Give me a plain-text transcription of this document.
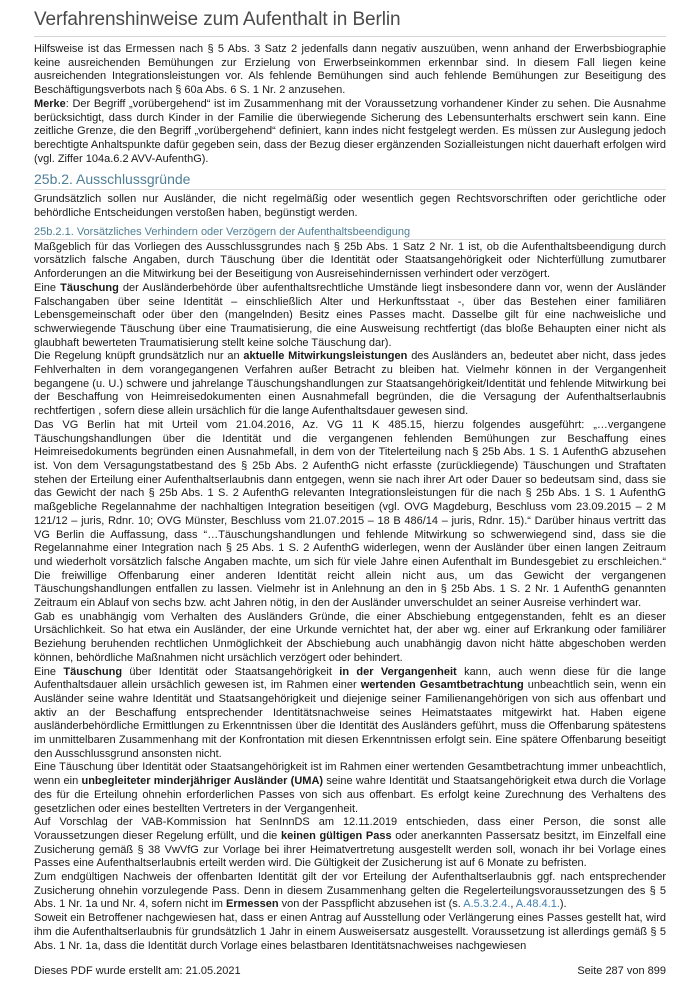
Verfahrenshinweise zum Aufenthalt in Berlin

Hilfsweise ist das Ermessen nach § 5 Abs. 3 Satz 2 jedenfalls dann negativ auszuüben, wenn anhand der Erwerbsbiographie keine ausreichenden Bemühungen zur Erzielung von Erwerbseinkommen erkennbar sind. In diesem Fall liegen keine ausreichenden Integrationsleistungen vor. Als fehlende Bemühungen sind auch fehlende Bemühungen zur Beseitigung des Beschäftigungsverbots nach § 60a Abs. 6 S. 1 Nr. 2 anzusehen.

Merke: Der Begriff „vorübergehend“ ist im Zusammenhang mit der Voraussetzung vorhandener Kinder zu sehen. Die Ausnahme berücksichtigt, dass durch Kinder in der Familie die überwiegende Sicherung des Lebensunterhalts erschwert sein kann. Eine zeitliche Grenze, die den Begriff „vorübergehend“ definiert, kann indes nicht festgelegt werden. Es müssen zur Auslegung jedoch berechtigte Anhaltspunkte dafür gegeben sein, dass der Bezug dieser ergänzenden Sozialleistungen nicht dauerhaft erfolgen wird (vgl. Ziffer 104a.6.2 AVV-AufenthG).

25b.2. Ausschlussgründe

Grundsätzlich sollen nur Ausländer, die nicht regelmäßig oder wesentlich gegen Rechtsvorschriften oder gerichtliche oder behördliche Entscheidungen verstoßen haben, begünstigt werden.

25b.2.1. Vorsätzliches Verhindern oder Verzögern der Aufenthaltsbeendigung

Maßgeblich für das Vorliegen des Ausschlussgrundes nach § 25b Abs. 1 Satz 2 Nr. 1 ist, ob die Aufenthaltsbeendigung durch vorsätzlich falsche Angaben, durch Täuschung über die Identität oder Staatsangehörigkeit oder Nichterfüllung zumutbarer Anforderungen an die Mitwirkung bei der Beseitigung von Ausreisehindernissen verhindert oder verzögert.

Eine Täuschung der Ausländerbehörde über aufenthaltsrechtliche Umstände liegt insbesondere dann vor, wenn der Ausländer Falschangaben über seine Identität – einschließlich Alter und Herkunftsstaat -, über das Bestehen einer familiären Lebensgemeinschaft oder über den (mangelnden) Besitz eines Passes macht. Dasselbe gilt für eine nachweisliche und schwerwiegende Täuschung über eine Traumatisierung, die eine Ausweisung rechtfertigt (das bloße Behaupten einer nicht als glaubhaft bewerteten Traumatisierung stellt keine solche Täuschung dar).

Die Regelung knüpft grundsätzlich nur an aktuelle Mitwirkungsleistungen des Ausländers an, bedeutet aber nicht, dass jedes Fehlverhalten in dem vorangegangenen Verfahren außer Betracht zu bleiben hat. Vielmehr können in der Vergangenheit begangene (u. U.) schwere und jahrelange Täuschungshandlungen zur Staatsangehörigkeit/Identität und fehlende Mitwirkung bei der Beschaffung von Heimreisedokumenten einen Ausnahmefall begründen, die die Versagung der Aufenthaltserlaubnis rechtfertigen , sofern diese allein ursächlich für die lange Aufenthaltsdauer gewesen sind.

Das VG Berlin hat mit Urteil vom 21.04.2016, Az. VG 11 K 485.15, hierzu folgendes ausgeführt: „…vergangene Täuschungshandlungen über die Identität und die vergangenen fehlenden Bemühungen zur Beschaffung eines Heimreisedokuments begründen einen Ausnahmefall, in dem von der Titelerteilung nach § 25b Abs. 1 S. 1 AufenthG abzusehen ist. Von dem Versagungstatbestand des § 25b Abs. 2 AufenthG nicht erfasste (zurückliegende) Täuschungen und Straftaten stehen der Erteilung einer Aufenthaltserlaubnis dann entgegen, wenn sie nach ihrer Art oder Dauer so bedeutsam sind, dass sie das Gewicht der nach § 25b Abs. 1 S. 2 AufenthG relevanten Integrationsleistungen für die nach § 25b Abs. 1 S. 1 AufenthG maßgebliche Regelannahme der nachhaltigen Integration beseitigen (vgl. OVG Magdeburg, Beschluss vom 23.09.2015 – 2 M 121/12 – juris, Rdnr. 10; OVG Münster, Beschluss vom 21.07.2015 – 18 B 486/14 – juris, Rdnr. 15).“ Darüber hinaus vertritt das VG Berlin die Auffassung, dass “…Täuschungshandlungen und fehlende Mitwirkung so schwerwiegend sind, dass sie die Regelannahme einer Integration nach § 25 Abs. 1 S. 2 AufenthG widerlegen, wenn der Ausländer über einen langen Zeitraum und wiederholt vorsätzlich falsche Angaben machte, um sich für viele Jahre einen Aufenthalt im Bundesgebiet zu erschleichen.“ Die freiwillige Offenbarung einer anderen Identität reicht allein nicht aus, um das Gewicht der vergangenen Täuschungshandlungen entfallen zu lassen. Vielmehr ist in Anlehnung an den in § 25b Abs. 1 S. 2 Nr. 1 AufenthG genannten Zeitraum ein Ablauf von sechs bzw. acht Jahren nötig, in den der Ausländer unverschuldet an seiner Ausreise verhindert war.

Gab es unabhängig vom Verhalten des Ausländers Gründe, die einer Abschiebung entgegenstanden, fehlt es an dieser Ursächlichkeit. So hat etwa ein Ausländer, der eine Urkunde vernichtet hat, der aber wg. einer auf Erkrankung oder familiärer Beziehung beruhenden rechtlichen Unmöglichkeit der Abschiebung auch unabhängig davon nicht hätte abgeschoben werden können, behördliche Maßnahmen nicht ursächlich verzögert oder behindert.

Eine Täuschung über Identität oder Staatsangehörigkeit in der Vergangenheit kann, auch wenn diese für die lange Aufenthaltsdauer allein ursächlich gewesen ist, im Rahmen einer wertenden Gesamtbetrachtung unbeachtlich sein, wenn ein Ausländer seine wahre Identität und Staatsangehörigkeit und diejenige seiner Familienangehörigen von sich aus offenbart und aktiv an der Beschaffung entsprechender Identitätsnachweise seines Heimatstaates mitgewirkt hat. Haben eigene ausländerbehördliche Ermittlungen zu Erkenntnissen über die Identität des Ausländers geführt, muss die Offenbarung spätestens im unmittelbaren Zusammenhang mit der Konfrontation mit diesen Erkenntnissen erfolgt sein. Eine spätere Offenbarung beseitigt den Ausschlussgrund ansonsten nicht.

Eine Täuschung über Identität oder Staatsangehörigkeit ist im Rahmen einer wertenden Gesamtbetrachtung immer unbeachtlich, wenn ein unbegleiteter minderjähriger Ausländer (UMA) seine wahre Identität und Staatsangehörigkeit etwa durch die Vorlage des für die Erteilung ohnehin erforderlichen Passes von sich aus offenbart. Es erfolgt keine Zurechnung des Verhaltens des gesetzlichen oder eines bestellten Vertreters in der Vergangenheit.

Auf Vorschlag der VAB-Kommission hat SenInnDS am 12.11.2019 entschieden, dass einer Person, die sonst alle Voraussetzungen dieser Regelung erfüllt, und die keinen gültigen Pass oder anerkannten Passersatz besitzt, im Einzelfall eine Zusicherung gemäß § 38 VwVfG zur Vorlage bei ihrer Heimatvertretung ausgestellt werden soll, wonach ihr bei Vorlage eines Passes eine Aufenthaltserlaubnis erteilt werden wird. Die Gültigkeit der Zusicherung ist auf 6 Monate zu befristen.

Zum endgültigen Nachweis der offenbarten Identität gilt der vor Erteilung der Aufenthaltserlaubnis ggf. nach entsprechender Zusicherung ohnehin vorzulegende Pass. Denn in diesem Zusammenhang gelten die Regelerteilungsvoraussetzungen des § 5 Abs. 1 Nr. 1a und Nr. 4, sofern nicht im Ermessen von der Passpflicht abzusehen ist (s. A.5.3.2.4., A.48.4.1.).

Soweit ein Betroffener nachgewiesen hat, dass er einen Antrag auf Ausstellung oder Verlängerung eines Passes gestellt hat, wird ihm die Aufenthaltserlaubnis für grundsätzlich 1 Jahr in einem Ausweisersatz ausgestellt. Voraussetzung ist allerdings gemäß § 5 Abs. 1 Nr. 1a, dass die Identität durch Vorlage eines belastbaren Identitätsnachweises nachgewiesen

Dieses PDF wurde erstellt am: 21.05.2021	Seite 287 von 899
